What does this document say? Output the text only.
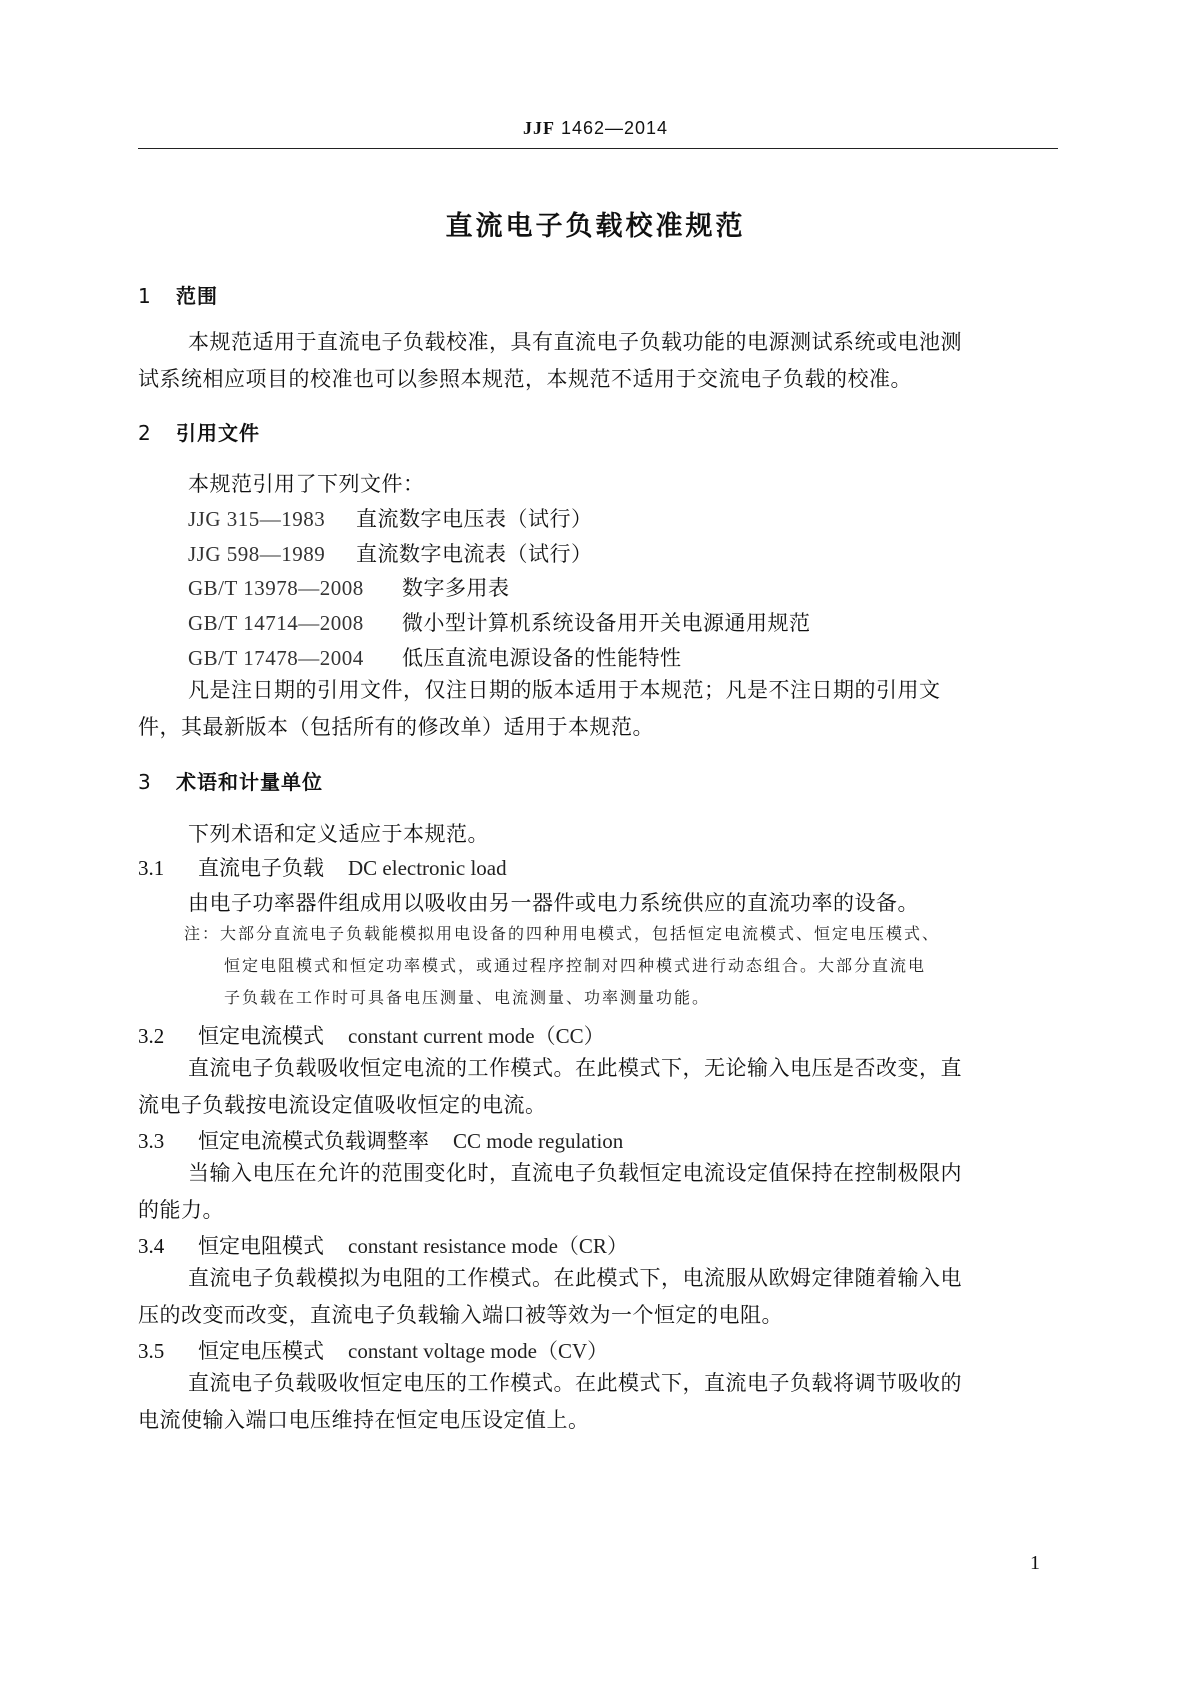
JJF 1462—2014
直流电子负载校准规范
1 范围
本规范适用于直流电子负载校准，具有直流电子负载功能的电源测试系统或电池测
试系统相应项目的校准也可以参照本规范，本规范不适用于交流电子负载的校准。
2 引用文件
本规范引用了下列文件：
JJG 315—1983 直流数字电压表（试行）
JJG 598—1989 直流数字电流表（试行）
GB/T 13978—2008 数字多用表
GB/T 14714—2008 微小型计算机系统设备用开关电源通用规范
GB/T 17478—2004 低压直流电源设备的性能特性
凡是注日期的引用文件，仅注日期的版本适用于本规范；凡是不注日期的引用文
件，其最新版本（包括所有的修改单）适用于本规范。
3 术语和计量单位
下列术语和定义适应于本规范。
3.1 直流电子负载 DC electronic load
由电子功率器件组成用以吸收由另一器件或电力系统供应的直流功率的设备。
注：大部分直流电子负载能模拟用电设备的四种用电模式，包括恒定电流模式、恒定电压模式、
恒定电阻模式和恒定功率模式，或通过程序控制对四种模式进行动态组合。大部分直流电
子负载在工作时可具备电压测量、电流测量、功率测量功能。
3.2 恒定电流模式 constant current mode（CC）
直流电子负载吸收恒定电流的工作模式。在此模式下，无论输入电压是否改变，直
流电子负载按电流设定值吸收恒定的电流。
3.3 恒定电流模式负载调整率 CC mode regulation
当输入电压在允许的范围变化时，直流电子负载恒定电流设定值保持在控制极限内
的能力。
3.4 恒定电阻模式 constant resistance mode（CR）
直流电子负载模拟为电阻的工作模式。在此模式下，电流服从欧姆定律随着输入电
压的改变而改变，直流电子负载输入端口被等效为一个恒定的电阻。
3.5 恒定电压模式 constant voltage mode（CV）
直流电子负载吸收恒定电压的工作模式。在此模式下，直流电子负载将调节吸收的
电流使输入端口电压维持在恒定电压设定值上。
1
